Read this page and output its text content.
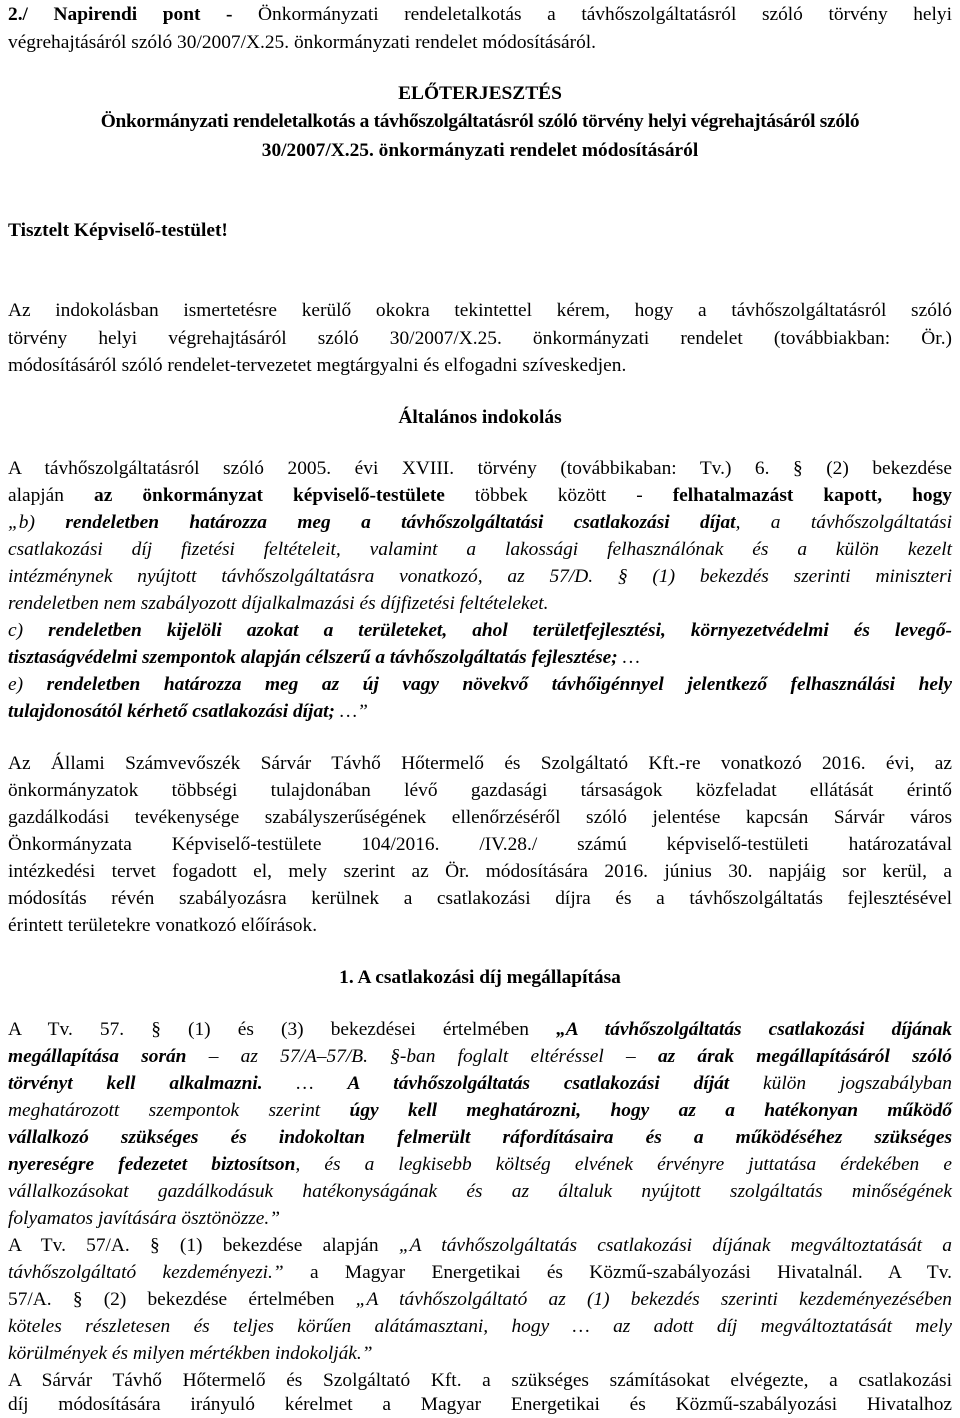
2./ Napirendi pont - Önkormányzati rendeletalkotás a távhőszolgáltatásról szóló törvény helyi
végrehajtásáról szóló 30/2007/X.25. önkormányzati rendelet módosításáról.
ELŐTERJESZTÉS
Önkormányzati rendeletalkotás a távhőszolgáltatásról szóló törvény helyi végrehajtásáról szóló
30/2007/X.25. önkormányzati rendelet módosításáról
Tisztelt Képviselő-testület!
Az indokolásban ismertetésre kerülő okokra tekintettel kérem, hogy a távhőszolgáltatásról szóló
törvény helyi végrehajtásáról szóló 30/2007/X.25. önkormányzati rendelet (továbbiakban: Ör.)
módosításáról szóló rendelet-tervezetet megtárgyalni és elfogadni szíveskedjen.
Általános indokolás
A távhőszolgáltatásról szóló 2005. évi XVIII. törvény (továbbikaban: Tv.) 6. § (2) bekezdése
alapján az önkormányzat képviselő-testülete többek között - felhatalmazást kapott, hogy
„b) rendeletben határozza meg a távhőszolgáltatási csatlakozási díjat, a távhőszolgáltatási
csatlakozási díj fizetési feltételeit, valamint a lakossági felhasználónak és a külön kezelt
intézménynek nyújtott távhőszolgáltatásra vonatkozó, az 57/D. § (1) bekezdés szerinti miniszteri
rendeletben nem szabályozott díjalkalmazási és díjfizetési feltételeket.
c) rendeletben kijelöli azokat a területeket, ahol területfejlesztési, környezetvédelmi és levegő-
tisztaságvédelmi szempontok alapján célszerű a távhőszolgáltatás fejlesztése; …
e) rendeletben határozza meg az új vagy növekvő távhőigénnyel jelentkező felhasználási hely
tulajdonosától kérhető csatlakozási díjat; …”
Az Állami Számvevőszék Sárvár Távhő Hőtermelő és Szolgáltató Kft.-re vonatkozó 2016. évi, az
önkormányzatok többségi tulajdonában lévő gazdasági társaságok közfeladat ellátását érintő
gazdálkodási tevékenysége szabályszerűségének ellenőrzéséről szóló jelentése kapcsán Sárvár város
Önkormányzata Képviselő-testülete 104/2016. /IV.28./ számú képviselő-testületi határozatával
intézkedési tervet fogadott el, mely szerint az Ör. módosítására 2016. június 30. napjáig sor kerül, a
módosítás révén szabályozásra kerülnek a csatlakozási díjra és a távhőszolgáltatás fejlesztésével
érintett területekre vonatkozó előírások.
1. A csatlakozási díj megállapítása
A Tv. 57. § (1) és (3) bekezdései értelmében „A távhőszolgáltatás csatlakozási díjának
megállapítása során – az 57/A–57/B. §-ban foglalt eltéréssel – az árak megállapításáról szóló
törvényt kell alkalmazni. … A távhőszolgáltatás csatlakozási díját külön jogszabályban
meghatározott szempontok szerint úgy kell meghatározni, hogy az a hatékonyan működő
vállalkozó szükséges és indokoltan felmerült ráfordításaira és a működéséhez szükséges
nyereségre fedezetet biztosítson, és a legkisebb költség elvének érvényre juttatása érdekében e
vállalkozásokat gazdálkodásuk hatékonyságának és az általuk nyújtott szolgáltatás minőségének
folyamatos javítására ösztönözze.”
A Tv. 57/A. § (1) bekezdése alapján „A távhőszolgáltatás csatlakozási díjának megváltoztatását a
távhőszolgáltató kezdeményezi.” a Magyar Energetikai és Közmű-szabályozási Hivatalnál. A Tv.
57/A. § (2) bekezdése értelmében „A távhőszolgáltató az (1) bekezdés szerinti kezdeményezésében
köteles részletesen és teljes körűen alátámasztani, hogy … az adott díj megváltoztatását mely
körülmények és milyen mértékben indokolják.”
A Sárvár Távhő Hőtermelő és Szolgáltató Kft. a szükséges számításokat elvégezte, a csatlakozási
díj módosítására irányuló kérelmet a Magyar Energetikai és Közmű-szabályozási Hivatalhoz
